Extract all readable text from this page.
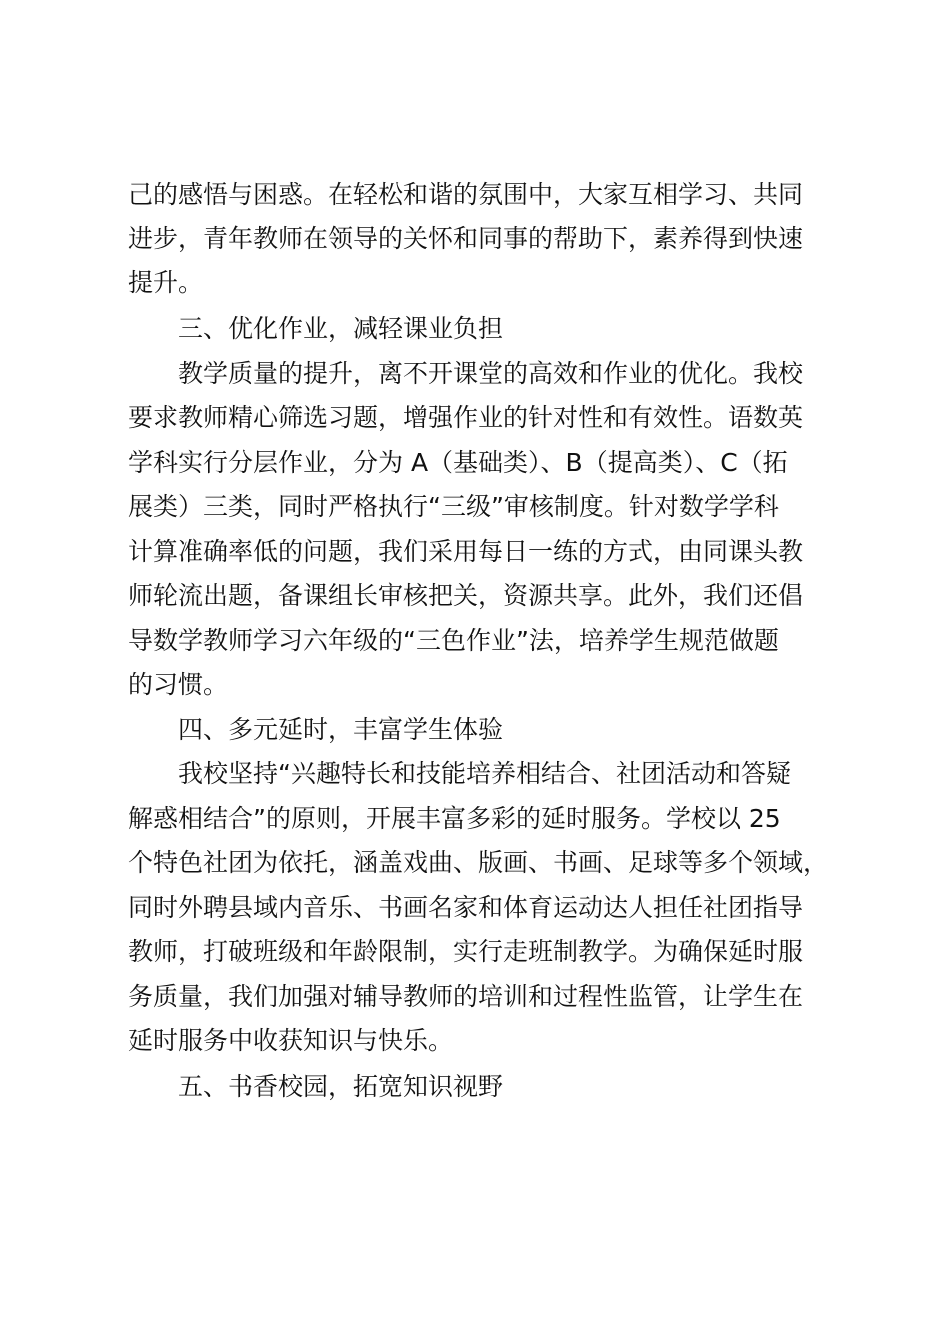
己的感悟与困惑。在轻松和谐的氛围中，大家互相学习、共同
进步，青年教师在领导的关怀和同事的帮助下，素养得到快速
提升。
三、优化作业，减轻课业负担
教学质量的提升，离不开课堂的高效和作业的优化。我校
要求教师精心筛选习题，增强作业的针对性和有效性。语数英
学科实行分层作业，分为 A（基础类）、B（提高类）、C（拓
展类）三类，同时严格执行“三级”审核制度。针对数学学科
计算准确率低的问题，我们采用每日一练的方式，由同课头教
师轮流出题，备课组长审核把关，资源共享。此外，我们还倡
导数学教师学习六年级的“三色作业”法，培养学生规范做题
的习惯。
四、多元延时，丰富学生体验
我校坚持“兴趣特长和技能培养相结合、社团活动和答疑
解惑相结合”的原则，开展丰富多彩的延时服务。学校以 25
个特色社团为依托，涵盖戏曲、版画、书画、足球等多个领域，
同时外聘县域内音乐、书画名家和体育运动达人担任社团指导
教师，打破班级和年龄限制，实行走班制教学。为确保延时服
务质量，我们加强对辅导教师的培训和过程性监管，让学生在
延时服务中收获知识与快乐。
五、书香校园，拓宽知识视野
